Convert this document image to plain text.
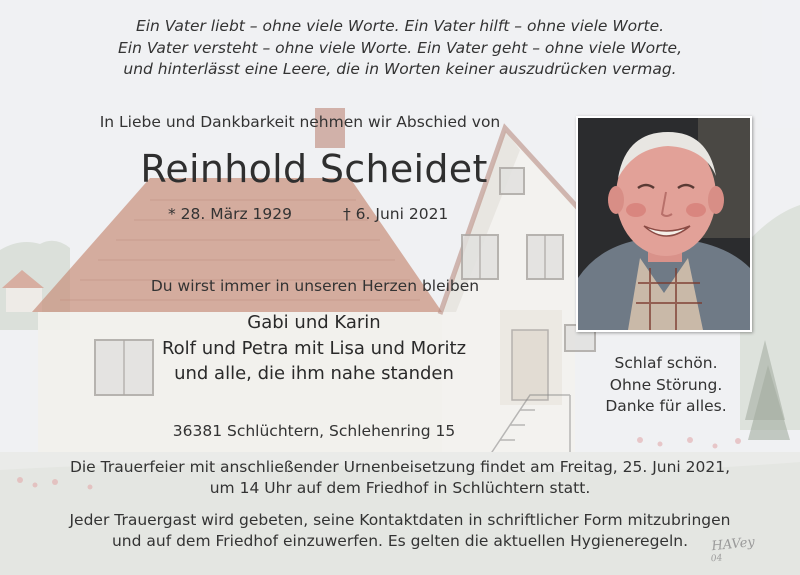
Ein Vater liebt – ohne viele Worte. Ein Vater hilft – ohne viele Worte.
Ein Vater versteht – ohne viele Worte. Ein Vater geht – ohne viele Worte,
und hinterlässt eine Leere, die in Worten keiner auszudrücken vermag.
In Liebe und Dankbarkeit nehmen wir Abschied von
Reinhold Scheidet
* 28. März 1929	† 6. Juni 2021
Du wirst immer in unseren Herzen bleiben
Gabi und Karin
Rolf und Petra mit Lisa und Moritz
und alle, die ihm nahe standen
36381 Schlüchtern, Schlehenring 15
Schlaf schön.
Ohne Störung.
Danke für alles.
Die Trauerfeier mit anschließender Urnenbeisetzung findet am Freitag, 25. Juni 2021,
um 14 Uhr auf dem Friedhof in Schlüchtern statt.
Jeder Trauergast wird gebeten, seine Kontaktdaten in schriftlicher Form mitzubringen
und auf dem Friedhof einzuwerfen. Es gelten die aktuellen Hygieneregeln.	HAVey
04
